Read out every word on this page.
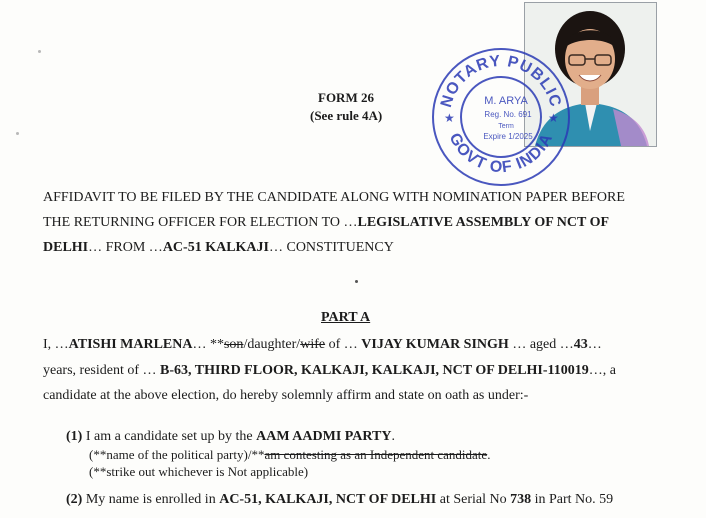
NOTARY PUBLIC
GOVT OF INDIA
★	★
M. ARYA
Reg. No. 691
Term
Expire 1/2025
FORM 26
(See rule 4A)
AFFIDAVIT TO BE FILED BY THE CANDIDATE ALONG WITH NOMINATION PAPER BEFORE
THE RETURNING OFFICER FOR ELECTION TO …LEGISLATIVE ASSEMBLY OF NCT OF
DELHI… FROM …AC-51 KALKAJI… CONSTITUENCY
PART A
I, …ATISHI MARLENA… **son/daughter/wife of … VIJAY KUMAR SINGH … aged …43…
years, resident of … B-63, THIRD FLOOR, KALKAJI, KALKAJI, NCT OF DELHI-110019…, a
candidate at the above election, do hereby solemnly affirm and state on oath as under:-
(1) I am a candidate set up by the AAM AADMI PARTY.
(**name of the political party)/**am contesting as an Independent candidate.
(**strike out whichever is Not applicable)
(2) My name is enrolled in AC-51, KALKAJI, NCT OF DELHI at Serial No 738 in Part No. 59
